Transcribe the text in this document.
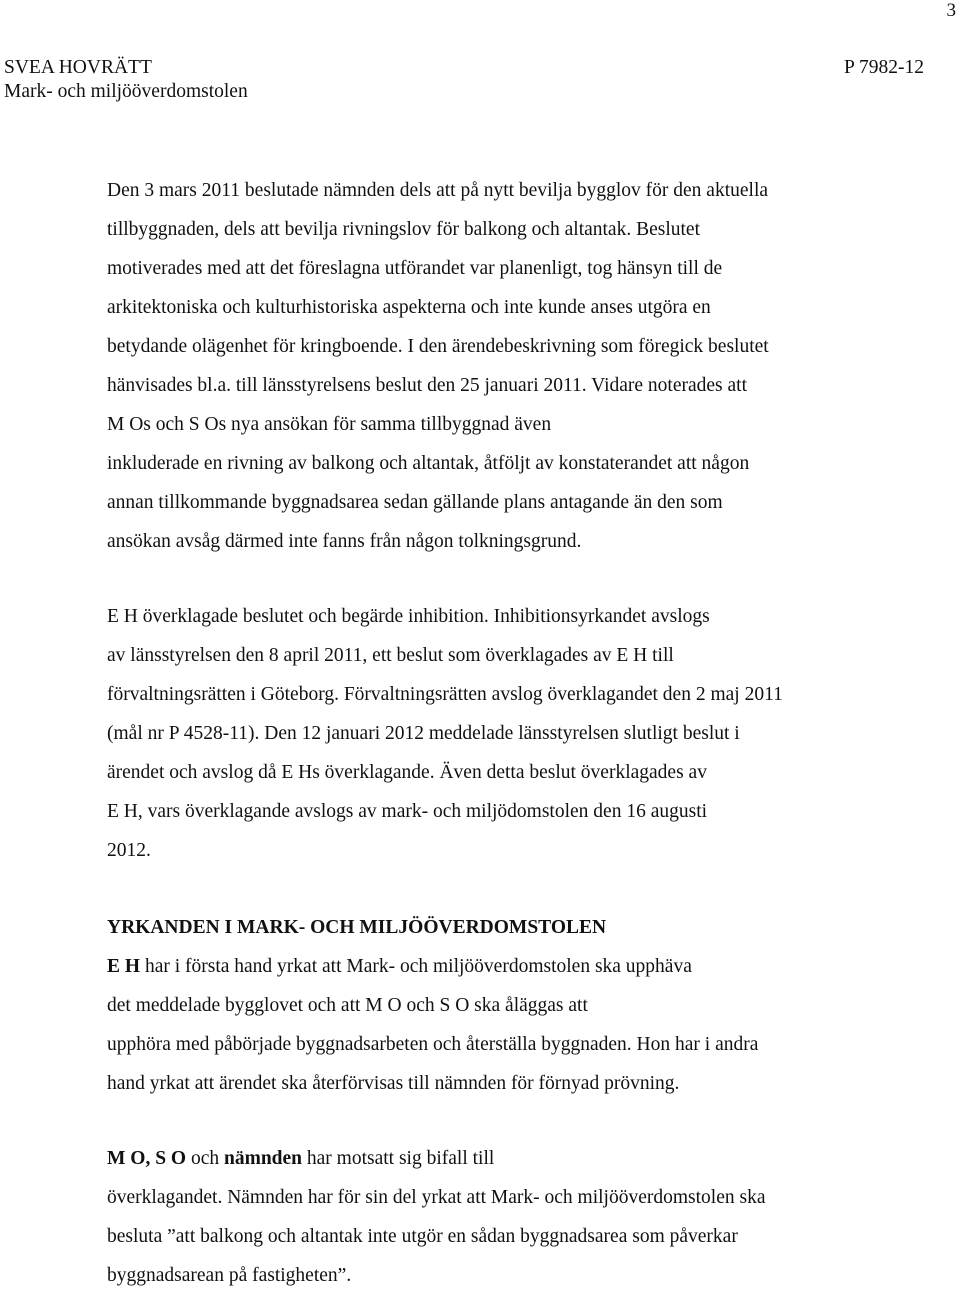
3
SVEA HOVRÄTT	P 7982-12
Mark- och miljööverdomstolen

Den 3 mars 2011 beslutade nämnden dels att på nytt bevilja bygglov för den aktuella
tillbyggnaden, dels att bevilja rivningslov för balkong och altantak. Beslutet
motiverades med att det föreslagna utförandet var planenligt, tog hänsyn till de
arkitektoniska och kulturhistoriska aspekterna och inte kunde anses utgöra en
betydande olägenhet för kringboende. I den ärendebeskrivning som föregick beslutet
hänvisades bl.a. till länsstyrelsens beslut den 25 januari 2011. Vidare noterades att
M Os och S Os nya ansökan för samma tillbyggnad även
inkluderade en rivning av balkong och altantak, åtföljt av konstaterandet att någon
annan tillkommande byggnadsarea sedan gällande plans antagande än den som
ansökan avsåg därmed inte fanns från någon tolkningsgrund.

E H överklagade beslutet och begärde inhibition. Inhibitionsyrkandet avslogs
av länsstyrelsen den 8 april 2011, ett beslut som överklagades av E H till
förvaltningsrätten i Göteborg. Förvaltningsrätten avslog överklagandet den 2 maj 2011
(mål nr P 4528-11). Den 12 januari 2012 meddelade länsstyrelsen slutligt beslut i
ärendet och avslog då E Hs överklagande. Även detta beslut överklagades av
E H, vars överklagande avslogs av mark- och miljödomstolen den 16 augusti
2012.

YRKANDEN I MARK- OCH MILJÖÖVERDOMSTOLEN
E H har i första hand yrkat att Mark- och miljööverdomstolen ska upphäva
det meddelade bygglovet och att M O och S O ska åläggas att
upphöra med påbörjade byggnadsarbeten och återställa byggnaden. Hon har i andra
hand yrkat att ärendet ska återförvisas till nämnden för förnyad prövning.

M O, S O och nämnden har motsatt sig bifall till
överklagandet. Nämnden har för sin del yrkat att Mark- och miljööverdomstolen ska
besluta ”att balkong och altantak inte utgör en sådan byggnadsarea som påverkar
byggnadsarean på fastigheten”.
